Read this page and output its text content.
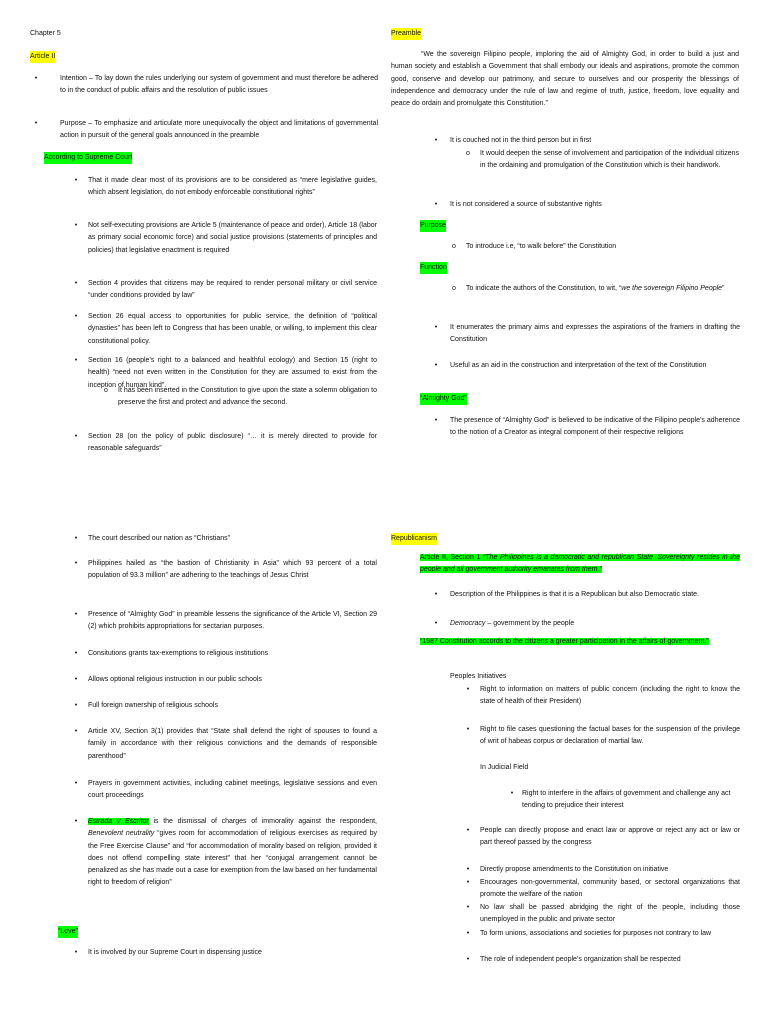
Chapter 5
Article II
•	Intention – To lay down the rules underlying our system of government and must therefore be adhered to in the conduct of public affairs and the resolution of public issues
•	Purpose – To emphasize and articulate more unequivocally the object and limitations of governmental action in pursuit of the general goals announced in the preamble
According to Supreme Court
•	That it made clear most of its provisions are to be considered as “mere legislative guides, which absent legislation, do not embody enforceable constitutional rights”
•	Not self-executing provisions are Article 5 (maintenance of peace and order), Article 18 (labor as primary social economic force) and social justice provisions (statements of principles and policies) that legislative enactment is required
•	Section 4 provides that citizens may be required to render personal military or civil service “under conditions provided by law”
•	Section 26 equal access to opportunities for public service, the definition of “political dynasties” has been left to Congress that has been unable, or willing, to implement this clear constitutional policy.
•	Section 16 (people’s right to a balanced and healthful ecology) and Section 15 (right to health) “need not even written in the Constitution for they are assumed to exist from the inception of human kind”.
o It has been inserted in the Constitution to give upon the state a solemn obligation to preserve the first and protect and advance the second.
•	Section 28 (on the policy of public disclosure) “… it is merely directed to provide for reasonable safeguards”
Preamble
“We the sovereign Filipino people, imploring the aid of Almighty God, in order to build a just and human society and establish a Government that shall embody our ideals and aspirations, promote the common good, conserve and develop our patrimony, and secure to ourselves and our prosperity the blessings of independence and democracy under the rule of law and regime of truth, justice, freedom, love equality and peace do ordain and promulgate this Constitution.”
•	It is couched not in the third person but in first
o It would deepen the sense of involvement and participation of the individual citizens in the ordaining and promulgation of the Constitution which is their handiwork.
•	It is not considered a source of substantive rights
Purpose
o To introduce i.e, “to walk before” the Constitution
Function
o To indicate the authors of the Constitution, to wit, “we the sovereign Filipino People”
•	It enumerates the primary aims and expresses the aspirations of the framers in drafting the Constitution
•	Useful as an aid in the construction and interpretation of the text of the Constitution
“Almighty God”
•	The presence of “Almighty God” is believed to be indicative of the Filipino people’s adherence to the notion of a Creator as integral component of their respective religions
•	The court described our nation as “Christians”
•	Philippines hailed as “the bastion of Christianity in Asia” which 93 percent of a total population of 93.3 million” are adhering to the teachings of Jesus Christ
•	Presence of “Almighty God” in preamble lessens the significance of the Article VI, Section 29 (2) which prohibits appropriations for sectarian purposes.
•	Consitutions grants tax-exemptions to religious institutions
•	Allows optional religious instruction in our public schools
•	Full foreign ownership of religious schools
•	Article XV, Section 3(1) provides that “State shall defend the right of spouses to found a family in accordance with their religious convictions and the demands of responsible parenthood”
•	Prayers in government activities, including cabinet meetings, legislative sessions and even court proceedings
•	Estrada v Escritor is the dismissal of charges of immorality against the respondent, Benevolent neutrality “gives room for accommodation of religious exercises as required by the Free Exercise Clause” and “for accommodation of morality based on religion, provided it does not offend compelling state interest” that her “conjugal arrangement cannot be penalized as she has made out a case for exemption from the law based on her fundamental right to freedom of religion”
“Love”
•	It is involved by our Supreme Court in dispensing justice
Republicanism
Article II, Section 1 “The Philippines is a democratic and republican State. Sovereignty resides in the people and all government authority emanates from them.”
•	Description of the Philippines is that it is a Republican but also Democratic state.
•	Democracy – government by the people
“1987 Constitution accords to the citizens a greater participation in the affairs of government.”
Peoples Initiatives
•	Right to information on matters of public concern (including the right to know the state of health of their President)
•	Right to file cases questioning the factual bases for the suspension of the privilege of writ of habeas corpus or declaration of martial law.
In Judicial Field
•	Right to interfere in the affairs of government and challenge any act tending to prejudice their interest
•	People can directly propose and enact law or approve or reject any act or law or part thereof passed by the congress
•	Directly propose amendments to the Constitution on initiative
•	Encourages non-governmental, community based, or sectoral organizations that promote the welfare of the nation
•	No law shall be passed abridging the right of the people, including those unemployed in the public and private sector
•	To form unions, associations and societies for purposes not contrary to law
•	The role of independent people’s organization shall be respected
